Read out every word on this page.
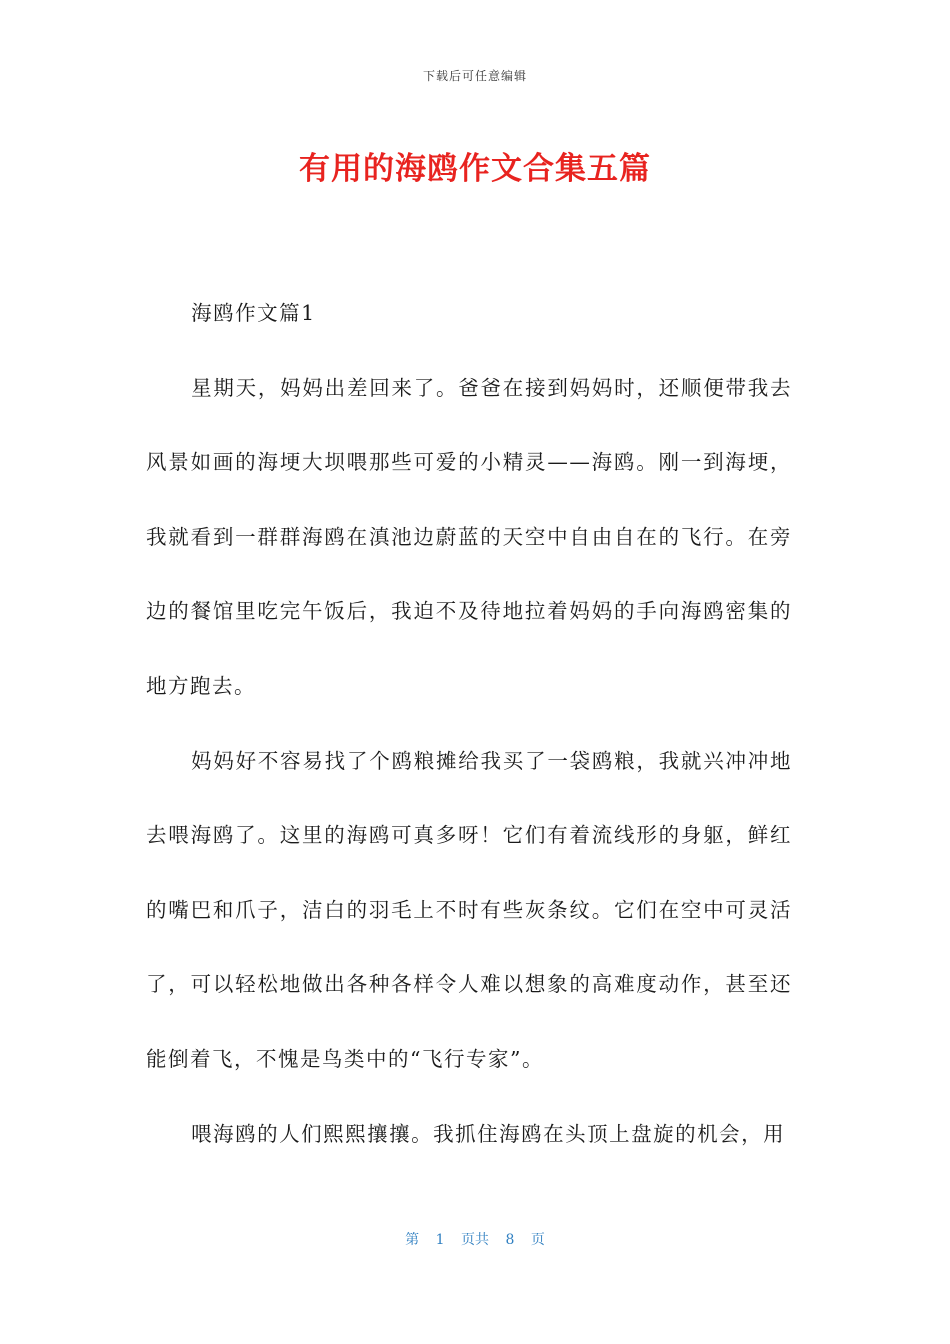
下载后可任意编辑
有用的海鸥作文合集五篇

海鸥作文篇1

星期天，妈妈出差回来了。爸爸在接到妈妈时，还顺便带我去风景如画的海埂大坝喂那些可爱的小精灵——海鸥。刚一到海埂，我就看到一群群海鸥在滇池边蔚蓝的天空中自由自在的飞行。在旁边的餐馆里吃完午饭后，我迫不及待地拉着妈妈的手向海鸥密集的地方跑去。

妈妈好不容易找了个鸥粮摊给我买了一袋鸥粮，我就兴冲冲地去喂海鸥了。这里的海鸥可真多呀！它们有着流线形的身躯，鲜红的嘴巴和爪子，洁白的羽毛上不时有些灰条纹。它们在空中可灵活了，可以轻松地做出各种各样令人难以想象的高难度动作，甚至还能倒着飞，不愧是鸟类中的“飞行专家”。

喂海鸥的人们熙熙攘攘。我抓住海鸥在头顶上盘旋的机会，用

第 1 页共 8 页
